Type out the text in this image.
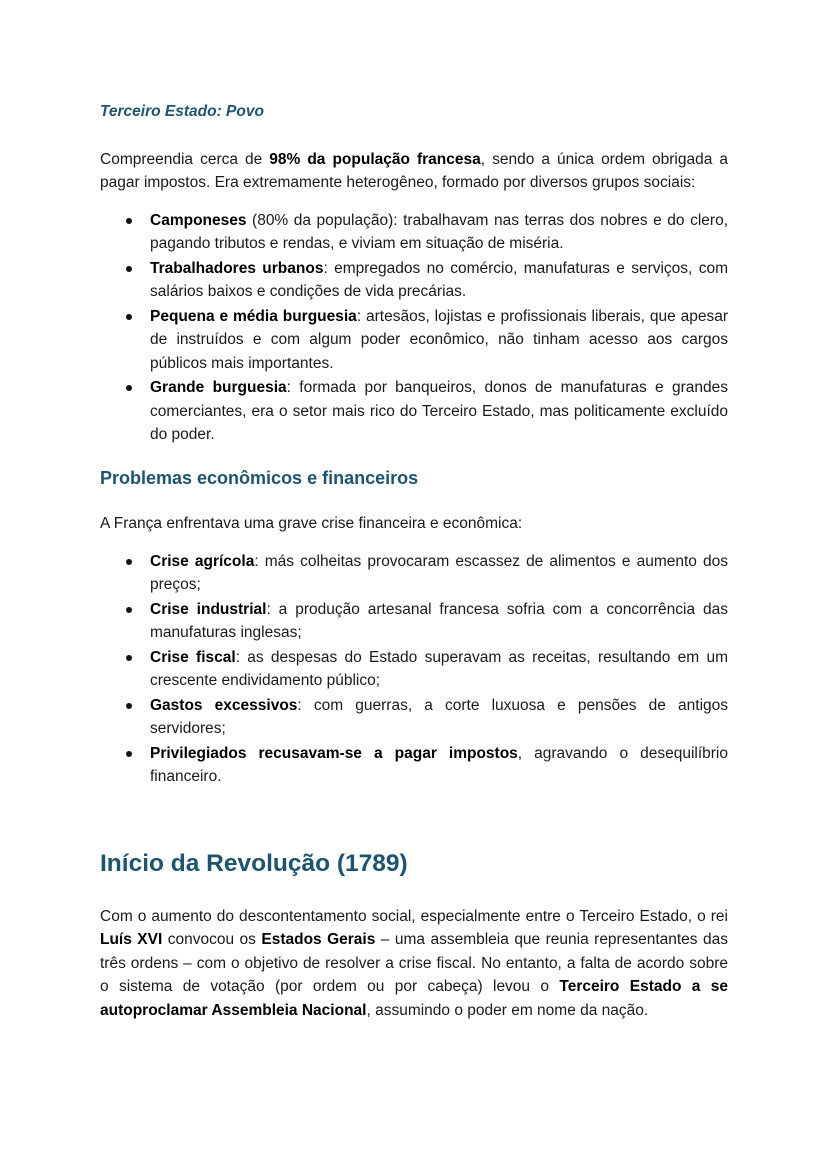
Terceiro Estado: Povo

Compreendia cerca de 98% da população francesa, sendo a única ordem obrigada a pagar impostos. Era extremamente heterogêneo, formado por diversos grupos sociais:

Camponeses (80% da população): trabalhavam nas terras dos nobres e do clero, pagando tributos e rendas, e viviam em situação de miséria.
Trabalhadores urbanos: empregados no comércio, manufaturas e serviços, com salários baixos e condições de vida precárias.
Pequena e média burguesia: artesãos, lojistas e profissionais liberais, que apesar de instruídos e com algum poder econômico, não tinham acesso aos cargos públicos mais importantes.
Grande burguesia: formada por banqueiros, donos de manufaturas e grandes comerciantes, era o setor mais rico do Terceiro Estado, mas politicamente excluído do poder.
Problemas econômicos e financeiros

A França enfrentava uma grave crise financeira e econômica:

Crise agrícola: más colheitas provocaram escassez de alimentos e aumento dos preços;
Crise industrial: a produção artesanal francesa sofria com a concorrência das manufaturas inglesas;
Crise fiscal: as despesas do Estado superavam as receitas, resultando em um crescente endividamento público;
Gastos excessivos: com guerras, a corte luxuosa e pensões de antigos servidores;
Privilegiados recusavam-se a pagar impostos, agravando o desequilíbrio financeiro.
Início da Revolução (1789)

Com o aumento do descontentamento social, especialmente entre o Terceiro Estado, o rei Luís XVI convocou os Estados Gerais – uma assembleia que reunia representantes das três ordens – com o objetivo de resolver a crise fiscal. No entanto, a falta de acordo sobre o sistema de votação (por ordem ou por cabeça) levou o Terceiro Estado a se autoproclamar Assembleia Nacional, assumindo o poder em nome da nação.
